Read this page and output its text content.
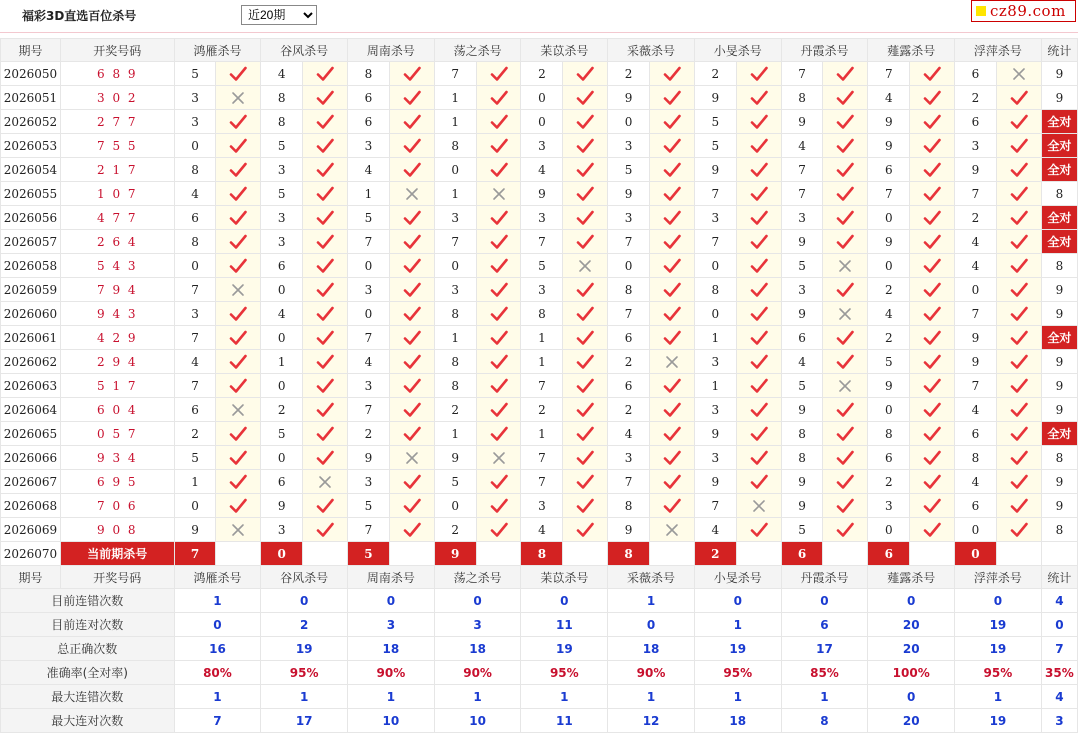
福彩3D直选百位杀号
近20期	cz89.com
期号	开奖号码	鸿雁杀号		谷风杀号		周南杀号		荡之杀号		苿苡杀号		采薇杀号		小旻杀号		丹霞杀号		薤露杀号		浮萍杀号		统计
2026050	6 8 9	5		4		8		7		2		2		2		7		7		6		9
2026051	3 0 2	3		8		6		1		0		9		9		8		4		2		9
2026052	2 7 7	3		8		6		1		0		0		5		9		9		6		全对
2026053	7 5 5	0		5		3		8		3		3		5		4		9		3		全对
2026054	2 1 7	8		3		4		0		4		5		9		7		6		9		全对
2026055	1 0 7	4		5		1		1		9		9		7		7		7		7		8
2026056	4 7 7	6		3		5		3		3		3		3		3		0		2		全对
2026057	2 6 4	8		3		7		7		7		7		7		9		9		4		全对
2026058	5 4 3	0		6		0		0		5		0		0		5		0		4		8
2026059	7 9 4	7		0		3		3		3		8		8		3		2		0		9
2026060	9 4 3	3		4		0		8		8		7		0		9		4		7		9
2026061	4 2 9	7		0		7		1		1		6		1		6		2		9		全对
2026062	2 9 4	4		1		4		8		1		2		3		4		5		9		9
2026063	5 1 7	7		0		3		8		7		6		1		5		9		7		9
2026064	6 0 4	6		2		7		2		2		2		3		9		0		4		9
2026065	0 5 7	2		5		2		1		1		4		9		8		8		6		全对
2026066	9 3 4	5		0		9		9		7		3		3		8		6		8		8
2026067	6 9 5	1		6		3		5		7		7		9		9		2		4		9
2026068	7 0 6	0		9		5		0		3		8		7		9		3		6		9
2026069	9 0 8	9		3		7		2		4		9		4		5		0		0		8
2026070	当前期杀号	7		0		5		9		8		8		2		6		6		0		
期号	开奖号码	鸿雁杀号		谷风杀号		周南杀号		荡之杀号		苿苡杀号		采薇杀号		小旻杀号		丹霞杀号		薤露杀号		浮萍杀号		统计
目前连错次数		1		0		0		0		0		1		0		0		0		0		4
目前连对次数		0		2		3		3		11		0		1		6		20		19		0
总正确次数		16		19		18		18		19		18		19		17		20		19		7
准确率(全对率)		80%		95%		90%		90%		95%		90%		95%		85%		100%		95%		35%
最大连错次数		1		1		1		1		1		1		1		1		0		1		4
最大连对次数		7		17		10		10		11		12		18		8		20		19		3
